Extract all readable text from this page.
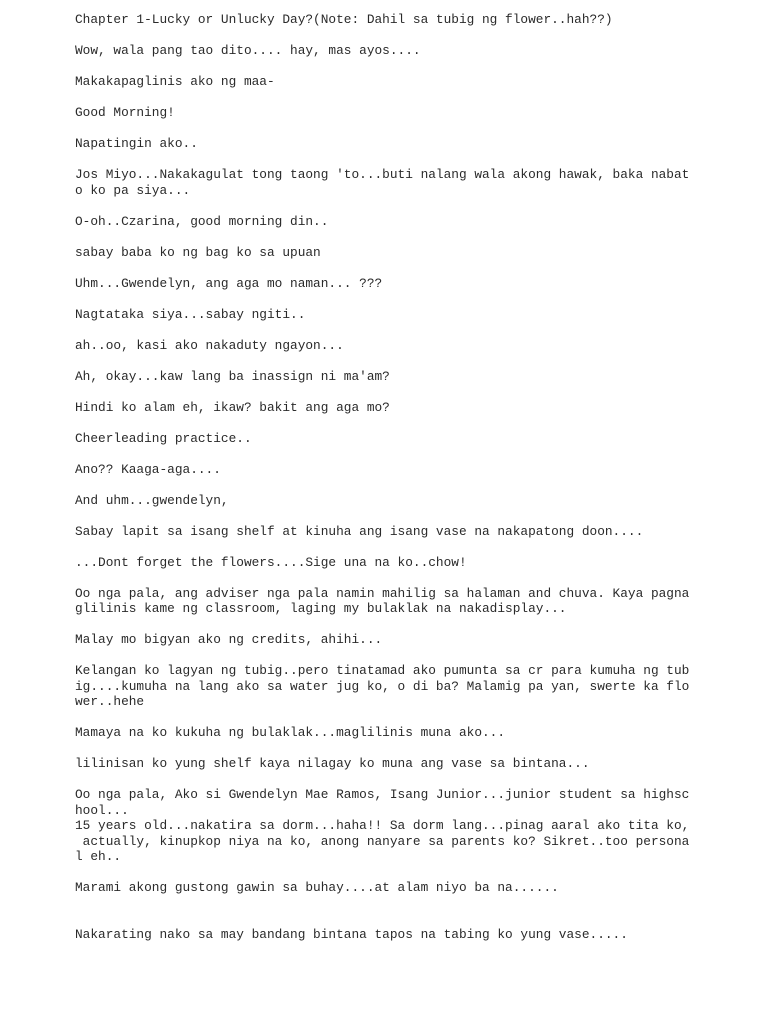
Chapter 1-Lucky or Unlucky Day?(Note: Dahil sa tubig ng flower..hah??)

Wow, wala pang tao dito.... hay, mas ayos....

Makakapaglinis ako ng maa-

Good Morning!

Napatingin ako..

Jos Miyo...Nakakagulat tong taong 'to...buti nalang wala akong hawak, baka nabat
o ko pa siya...

O-oh..Czarina, good morning din..

sabay baba ko ng bag ko sa upuan

Uhm...Gwendelyn, ang aga mo naman... ???

Nagtataka siya...sabay ngiti..

ah..oo, kasi ako nakaduty ngayon...

Ah, okay...kaw lang ba inassign ni ma'am?

Hindi ko alam eh, ikaw? bakit ang aga mo?

Cheerleading practice..

Ano?? Kaaga-aga....

And uhm...gwendelyn,

Sabay lapit sa isang shelf at kinuha ang isang vase na nakapatong doon....

...Dont forget the flowers....Sige una na ko..chow!

Oo nga pala, ang adviser nga pala namin mahilig sa halaman and chuva. Kaya pagna
glilinis kame ng classroom, laging my bulaklak na nakadisplay...

Malay mo bigyan ako ng credits, ahihi...

Kelangan ko lagyan ng tubig..pero tinatamad ako pumunta sa cr para kumuha ng tub
ig....kumuha na lang ako sa water jug ko, o di ba? Malamig pa yan, swerte ka flo
wer..hehe

Mamaya na ko kukuha ng bulaklak...maglilinis muna ako...

lilinisan ko yung shelf kaya nilagay ko muna ang vase sa bintana...

Oo nga pala, Ako si Gwendelyn Mae Ramos, Isang Junior...junior student sa highsc
hool...

15 years old...nakatira sa dorm...haha!! Sa dorm lang...pinag aaral ako tita ko,
actually, kinupkop niya na ko, anong nanyare sa parents ko? Sikret..too persona
l eh..

Marami akong gustong gawin sa buhay....at alam niyo ba na......

Nakarating nako sa may bandang bintana tapos na tabing ko yung vase.....
